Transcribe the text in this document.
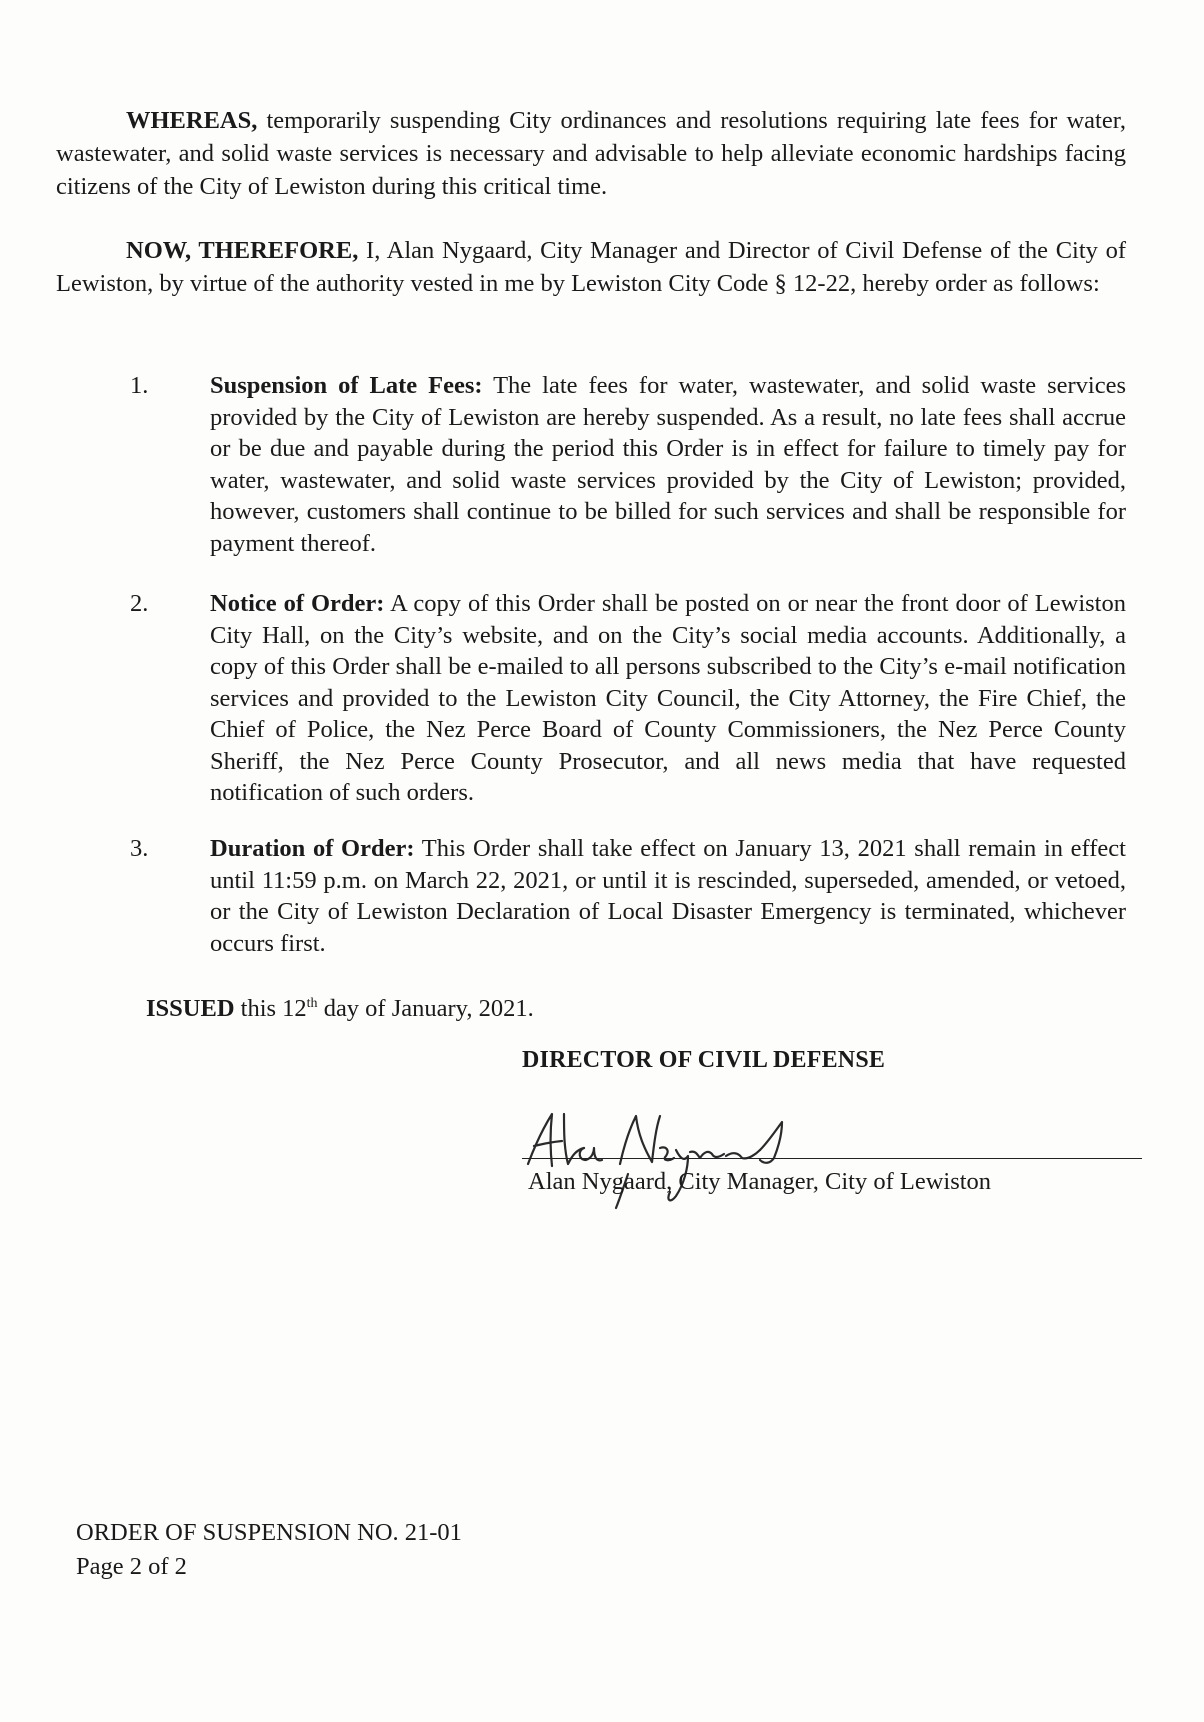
WHEREAS, temporarily suspending City ordinances and resolutions requiring late fees for water, wastewater, and solid waste services is necessary and advisable to help alleviate economic hardships facing citizens of the City of Lewiston during this critical time.
NOW, THEREFORE, I, Alan Nygaard, City Manager and Director of Civil Defense of the City of Lewiston, by virtue of the authority vested in me by Lewiston City Code § 12-22, hereby order as follows:
1.	Suspension of Late Fees: The late fees for water, wastewater, and solid waste services provided by the City of Lewiston are hereby suspended. As a result, no late fees shall accrue or be due and payable during the period this Order is in effect for failure to timely pay for water, wastewater, and solid waste services provided by the City of Lewiston; provided, however, customers shall continue to be billed for such services and shall be responsible for payment thereof.
2.	Notice of Order: A copy of this Order shall be posted on or near the front door of Lewiston City Hall, on the City’s website, and on the City’s social media accounts. Additionally, a copy of this Order shall be e-mailed to all persons subscribed to the City’s e-mail notification services and provided to the Lewiston City Council, the City Attorney, the Fire Chief, the Chief of Police, the Nez Perce Board of County Commissioners, the Nez Perce County Sheriff, the Nez Perce County Prosecutor, and all news media that have requested notification of such orders.
3.	Duration of Order: This Order shall take effect on January 13, 2021 shall remain in effect until 11:59 p.m. on March 22, 2021, or until it is rescinded, superseded, amended, or vetoed, or the City of Lewiston Declaration of Local Disaster Emergency is terminated, whichever occurs first.
ISSUED this 12th day of January, 2021.
DIRECTOR OF CIVIL DEFENSE
Alan Nygaard, City Manager, City of Lewiston
ORDER OF SUSPENSION NO. 21-01
Page 2 of 2
